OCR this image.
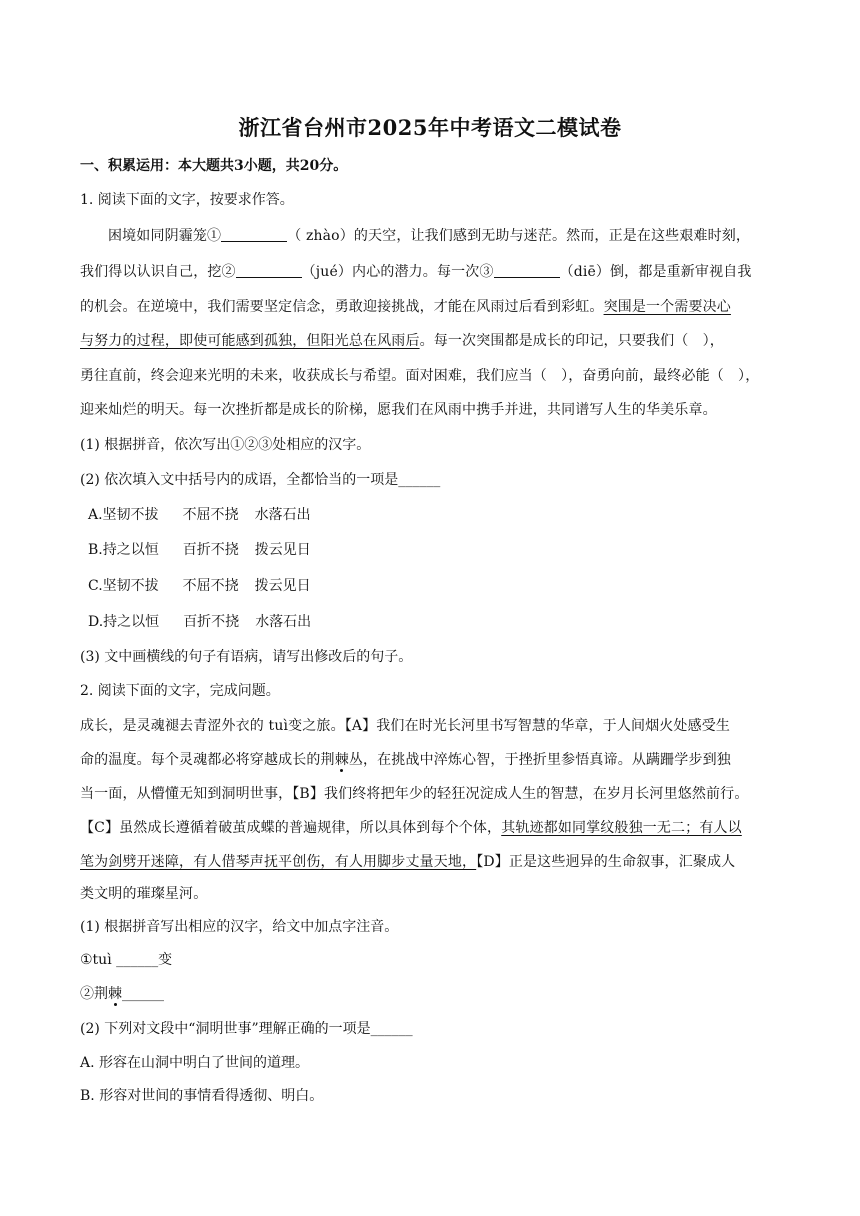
浙江省台州市2025年中考语文二模试卷
一、积累运用：本大题共3小题，共20分。
1. 阅读下面的文字，按要求作答。
困境如同阴霾笼①	（ zhào）的天空，让我们感到无助与迷茫。然而，正是在这些艰难时刻，
我们得以认识自己，挖②	（jué）内心的潜力。每一次③	（diē）倒，都是重新审视自我
的机会。在逆境中，我们需要坚定信念，勇敢迎接挑战，才能在风雨过后看到彩虹。突围是一个需要决心
与努力的过程，即使可能感到孤独，但阳光总在风雨后。每一次突围都是成长的印记，只要我们（　），
勇往直前，终会迎来光明的未来，收获成长与希望。面对困难，我们应当（　），奋勇向前，最终必能（　），
迎来灿烂的明天。每一次挫折都是成长的阶梯，愿我们在风雨中携手并进，共同谱写人生的华美乐章。
(1) 根据拼音，依次写出①②③处相应的汉字。
(2) 依次填入文中括号内的成语，全都恰当的一项是______
A.坚韧不拔 不屈不挠 水落石出
B.持之以恒 百折不挠 拨云见日
C.坚韧不拔 不屈不挠 拨云见日
D.持之以恒 百折不挠 水落石出
(3) 文中画横线的句子有语病，请写出修改后的句子。
2. 阅读下面的文字，完成问题。
成长，是灵魂褪去青涩外衣的 tuì变之旅。【A】我们在时光长河里书写智慧的华章，于人间烟火处感受生
命的温度。每个灵魂都必将穿越成长的荆棘丛，在挑战中淬炼心智，于挫折里参悟真谛。从蹒跚学步到独
当一面，从懵懂无知到洞明世事，【B】我们终将把年少的轻狂况淀成人生的智慧，在岁月长河里悠然前行。
【C】虽然成长遵循着破茧成蝶的普遍规律，所以具体到每个个体，其轨迹都如同掌纹般独一无二；有人以
笔为剑劈开迷障，有人借琴声抚平创伤，有人用脚步丈量天地，【D】正是这些迥异的生命叙事，汇聚成人
类文明的璀璨星河。
(1) 根据拼音写出相应的汉字，给文中加点字注音。
①tuì ______变
②荆棘______
(2) 下列对文段中“洞明世事”理解正确的一项是______
A. 形容在山洞中明白了世间的道理。
B. 形容对世间的事情看得透彻、明白。
